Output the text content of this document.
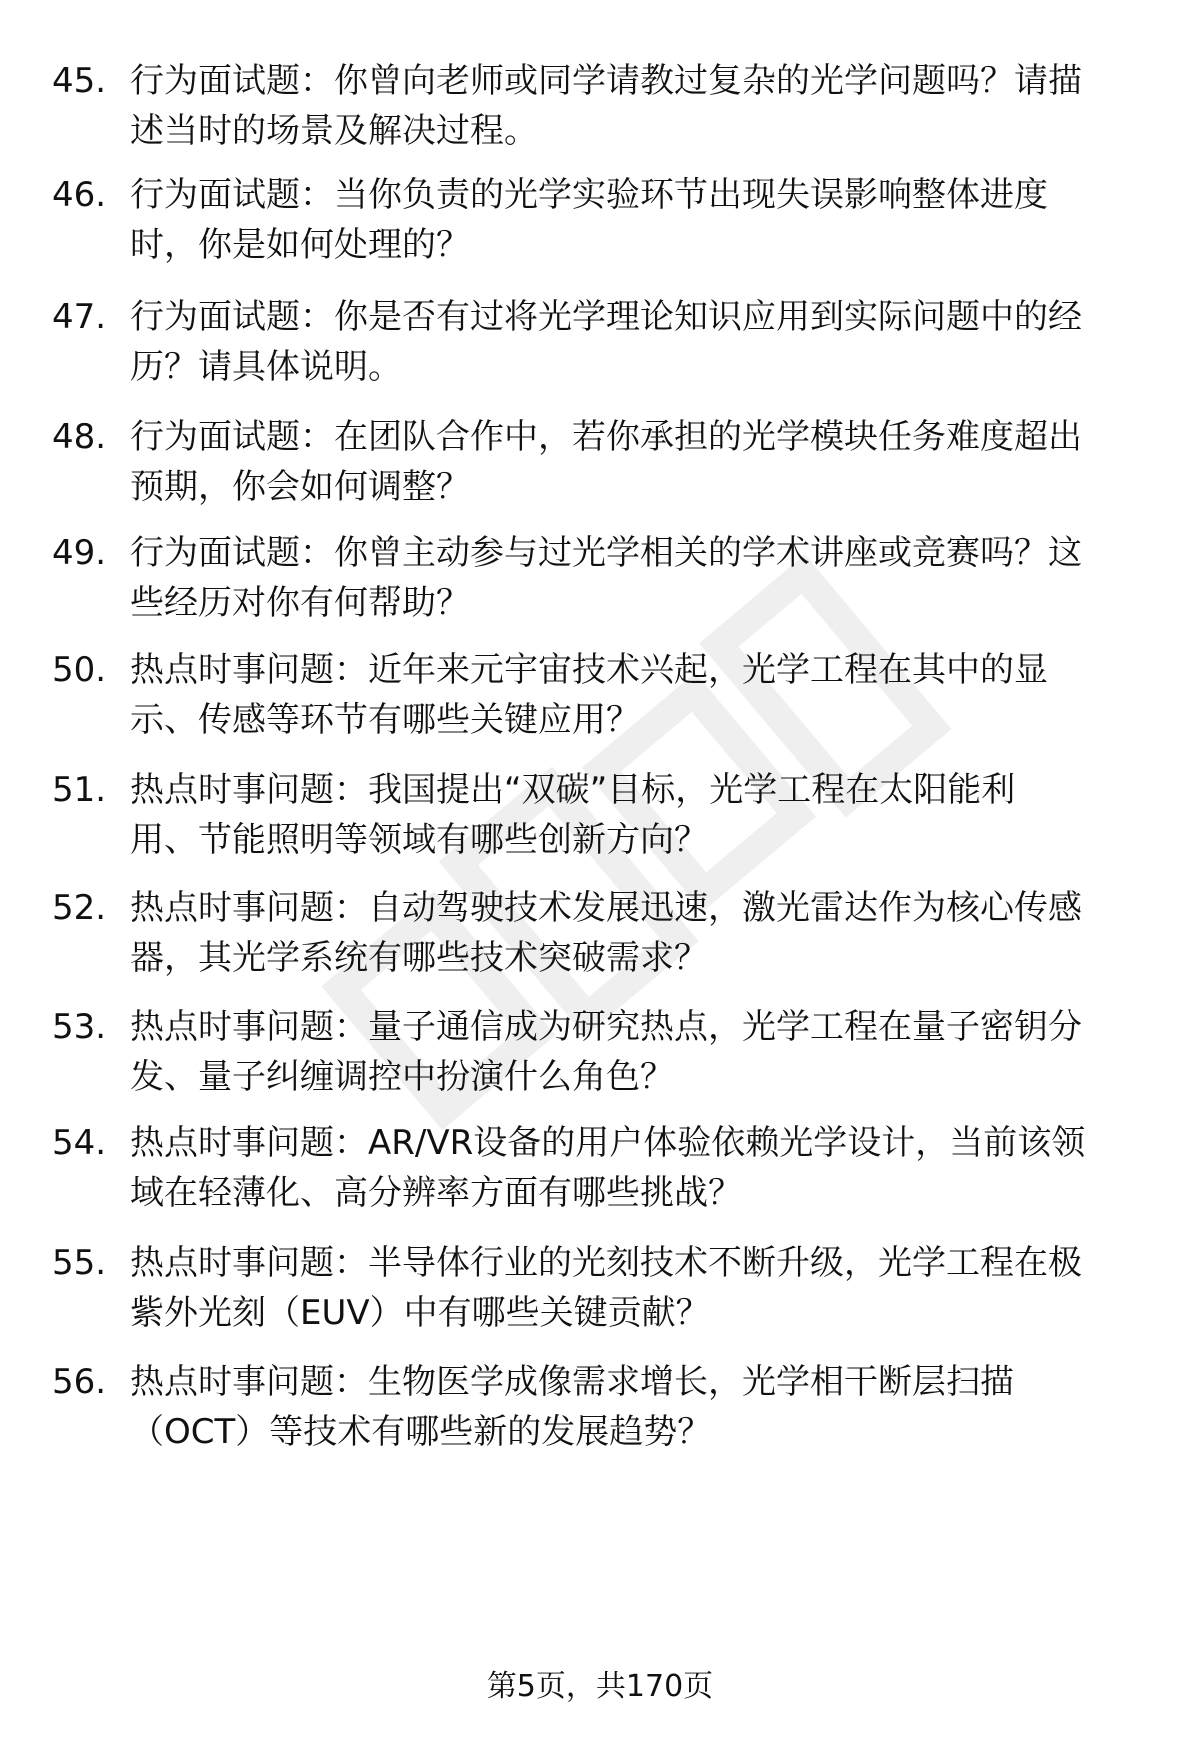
45. 行为面试题：你曾向老师或同学请教过复杂的光学问题吗？请描
述当时的场景及解决过程。
46. 行为面试题：当你负责的光学实验环节出现失误影响整体进度
时，你是如何处理的？
47. 行为面试题：你是否有过将光学理论知识应用到实际问题中的经
历？请具体说明。
48. 行为面试题：在团队合作中，若你承担的光学模块任务难度超出
预期，你会如何调整？
49. 行为面试题：你曾主动参与过光学相关的学术讲座或竞赛吗？这
些经历对你有何帮助？
50. 热点时事问题：近年来元宇宙技术兴起，光学工程在其中的显
示、传感等环节有哪些关键应用？
51. 热点时事问题：我国提出“双碳”目标，光学工程在太阳能利
用、节能照明等领域有哪些创新方向？
52. 热点时事问题：自动驾驶技术发展迅速，激光雷达作为核心传感
器，其光学系统有哪些技术突破需求？
53. 热点时事问题：量子通信成为研究热点，光学工程在量子密钥分
发、量子纠缠调控中扮演什么角色？
54. 热点时事问题：AR/VR设备的用户体验依赖光学设计，当前该领
域在轻薄化、高分辨率方面有哪些挑战？
55. 热点时事问题：半导体行业的光刻技术不断升级，光学工程在极
紫外光刻（EUV）中有哪些关键贡献？
56. 热点时事问题：生物医学成像需求增长，光学相干断层扫描
（OCT）等技术有哪些新的发展趋势？
第5页，共170页
